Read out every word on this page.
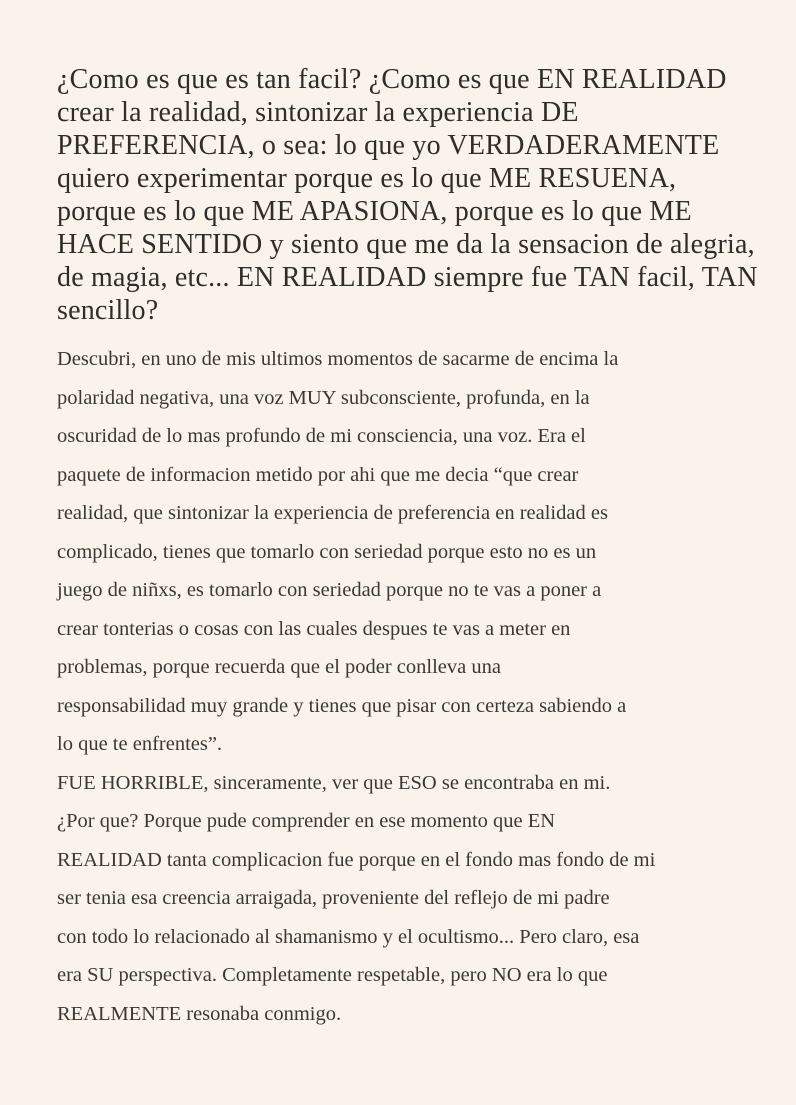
¿Como es que es tan facil? ¿Como es que EN REALIDAD
crear la realidad, sintonizar la experiencia DE
PREFERENCIA, o sea: lo que yo VERDADERAMENTE
quiero experimentar porque es lo que ME RESUENA,
porque es lo que ME APASIONA, porque es lo que ME
HACE SENTIDO y siento que me da la sensacion de alegria,
de magia, etc... EN REALIDAD siempre fue TAN facil, TAN
sencillo?
Descubri, en uno de mis ultimos momentos de sacarme de encima la
polaridad negativa, una voz MUY subconsciente, profunda, en la
oscuridad de lo mas profundo de mi consciencia, una voz. Era el
paquete de informacion metido por ahi que me decia “que crear
realidad, que sintonizar la experiencia de preferencia en realidad es
complicado, tienes que tomarlo con seriedad porque esto no es un
juego de niñxs, es tomarlo con seriedad porque no te vas a poner a
crear tonterias o cosas con las cuales despues te vas a meter en
problemas, porque recuerda que el poder conlleva una
responsabilidad muy grande y tienes que pisar con certeza sabiendo a
lo que te enfrentes”.
FUE HORRIBLE, sinceramente, ver que ESO se encontraba en mi.
¿Por que? Porque pude comprender en ese momento que EN
REALIDAD tanta complicacion fue porque en el fondo mas fondo de mi
ser tenia esa creencia arraigada, proveniente del reflejo de mi padre
con todo lo relacionado al shamanismo y el ocultismo... Pero claro, esa
era SU perspectiva. Completamente respetable, pero NO era lo que
REALMENTE resonaba conmigo.
